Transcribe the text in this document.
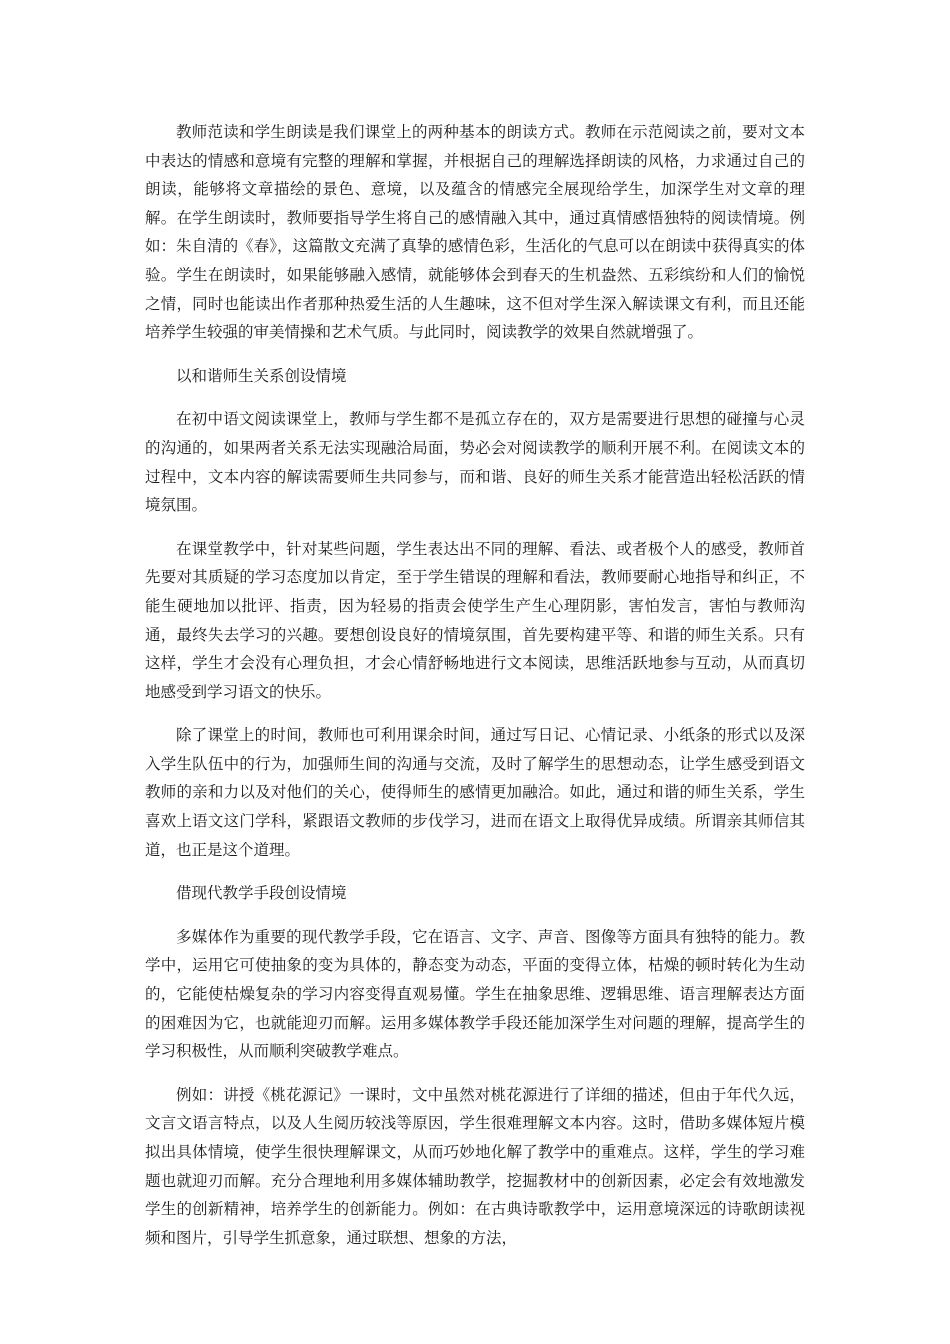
教师范读和学生朗读是我们课堂上的两种基本的朗读方式。教师在示范阅读之前，要对文本中表达的情感和意境有完整的理解和掌握，并根据自己的理解选择朗读的风格，力求通过自己的朗读，能够将文章描绘的景色、意境，以及蕴含的情感完全展现给学生，加深学生对文章的理解。在学生朗读时，教师要指导学生将自己的感情融入其中，通过真情感悟独特的阅读情境。例如：朱自清的《春》，这篇散文充满了真挚的感情色彩，生活化的气息可以在朗读中获得真实的体验。学生在朗读时，如果能够融入感情，就能够体会到春天的生机盎然、五彩缤纷和人们的愉悦之情，同时也能读出作者那种热爱生活的人生趣味，这不但对学生深入解读课文有利，而且还能培养学生较强的审美情操和艺术气质。与此同时，阅读教学的效果自然就增强了。

以和谐师生关系创设情境

在初中语文阅读课堂上，教师与学生都不是孤立存在的，双方是需要进行思想的碰撞与心灵的沟通的，如果两者关系无法实现融洽局面，势必会对阅读教学的顺利开展不利。在阅读文本的过程中，文本内容的解读需要师生共同参与，而和谐、良好的师生关系才能营造出轻松活跃的情境氛围。

在课堂教学中，针对某些问题，学生表达出不同的理解、看法、或者极个人的感受，教师首先要对其质疑的学习态度加以肯定，至于学生错误的理解和看法，教师要耐心地指导和纠正，不能生硬地加以批评、指责，因为轻易的指责会使学生产生心理阴影，害怕发言，害怕与教师沟通，最终失去学习的兴趣。要想创设良好的情境氛围，首先要构建平等、和谐的师生关系。只有这样，学生才会没有心理负担，才会心情舒畅地进行文本阅读，思维活跃地参与互动，从而真切地感受到学习语文的快乐。

除了课堂上的时间，教师也可利用课余时间，通过写日记、心情记录、小纸条的形式以及深入学生队伍中的行为，加强师生间的沟通与交流，及时了解学生的思想动态，让学生感受到语文教师的亲和力以及对他们的关心，使得师生的感情更加融洽。如此，通过和谐的师生关系，学生喜欢上语文这门学科，紧跟语文教师的步伐学习，进而在语文上取得优异成绩。所谓亲其师信其道，也正是这个道理。

借现代教学手段创设情境

多媒体作为重要的现代教学手段，它在语言、文字、声音、图像等方面具有独特的能力。教学中，运用它可使抽象的变为具体的，静态变为动态，平面的变得立体，枯燥的顿时转化为生动的，它能使枯燥复杂的学习内容变得直观易懂。学生在抽象思维、逻辑思维、语言理解表达方面的困难因为它，也就能迎刃而解。运用多媒体教学手段还能加深学生对问题的理解，提高学生的学习积极性，从而顺利突破教学难点。

例如：讲授《桃花源记》一课时，文中虽然对桃花源进行了详细的描述，但由于年代久远，文言文语言特点，以及人生阅历较浅等原因，学生很难理解文本内容。这时，借助多媒体短片模拟出具体情境，使学生很快理解课文，从而巧妙地化解了教学中的重难点。这样，学生的学习难题也就迎刃而解。充分合理地利用多媒体辅助教学，挖掘教材中的创新因素，必定会有效地激发学生的创新精神，培养学生的创新能力。例如：在古典诗歌教学中，运用意境深远的诗歌朗读视频和图片，引导学生抓意象，通过联想、想象的方法，
